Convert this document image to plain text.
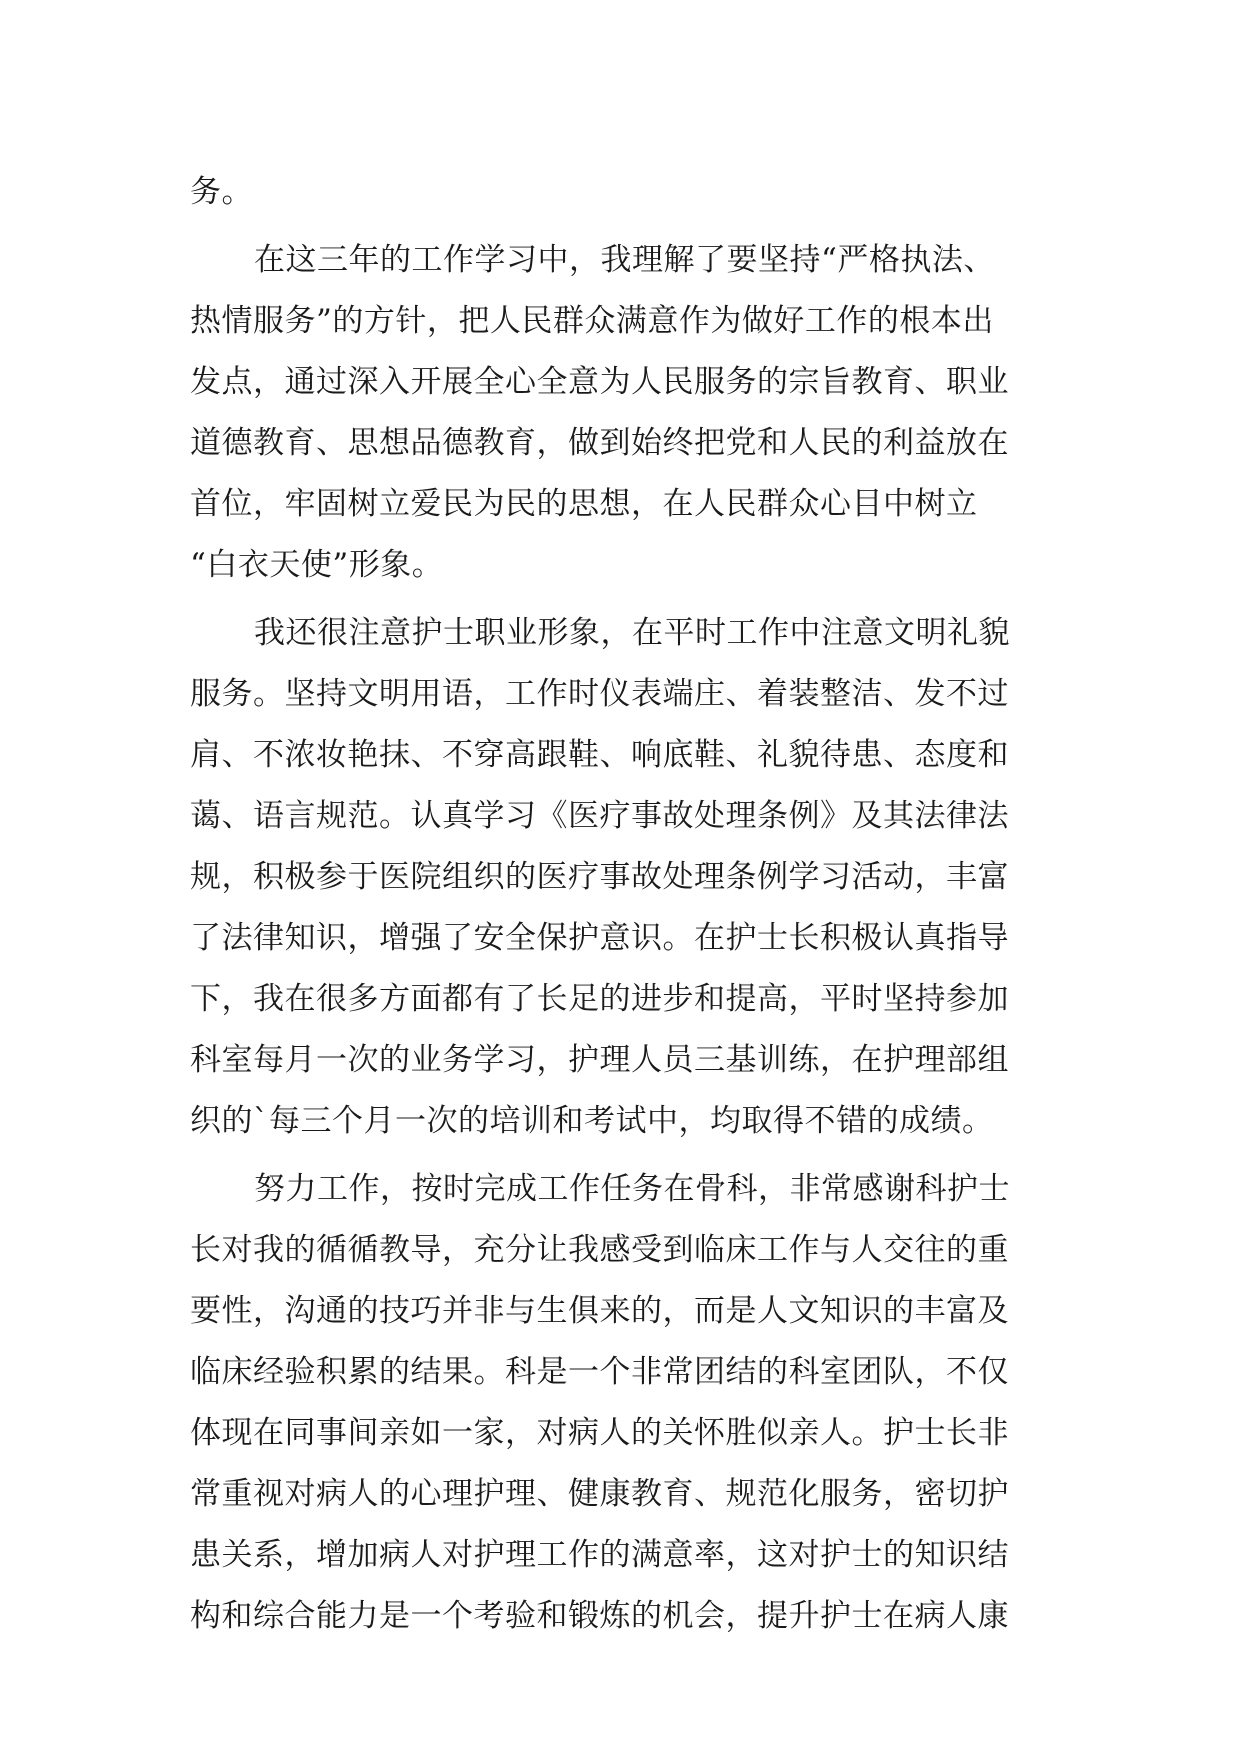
务。
在这三年的工作学习中，我理解了要坚持“严格执法、
热情服务”的方针，把人民群众满意作为做好工作的根本出
发点，通过深入开展全心全意为人民服务的宗旨教育、职业
道德教育、思想品德教育，做到始终把党和人民的利益放在
首位，牢固树立爱民为民的思想，在人民群众心目中树立
“白衣天使”形象。
我还很注意护士职业形象，在平时工作中注意文明礼貌
服务。坚持文明用语，工作时仪表端庄、着装整洁、发不过
肩、不浓妆艳抹、不穿高跟鞋、响底鞋、礼貌待患、态度和
蔼、语言规范。认真学习《医疗事故处理条例》及其法律法
规，积极参于医院组织的医疗事故处理条例学习活动，丰富
了法律知识，增强了安全保护意识。在护士长积极认真指导
下，我在很多方面都有了长足的进步和提高，平时坚持参加
科室每月一次的业务学习，护理人员三基训练，在护理部组
织的`每三个月一次的培训和考试中，均取得不错的成绩。
努力工作，按时完成工作任务在骨科，非常感谢科护士
长对我的循循教导，充分让我感受到临床工作与人交往的重
要性，沟通的技巧并非与生俱来的，而是人文知识的丰富及
临床经验积累的结果。科是一个非常团结的科室团队，不仅
体现在同事间亲如一家，对病人的关怀胜似亲人。护士长非
常重视对病人的心理护理、健康教育、规范化服务，密切护
患关系，增加病人对护理工作的满意率，这对护士的知识结
构和综合能力是一个考验和锻炼的机会，提升护士在病人康
